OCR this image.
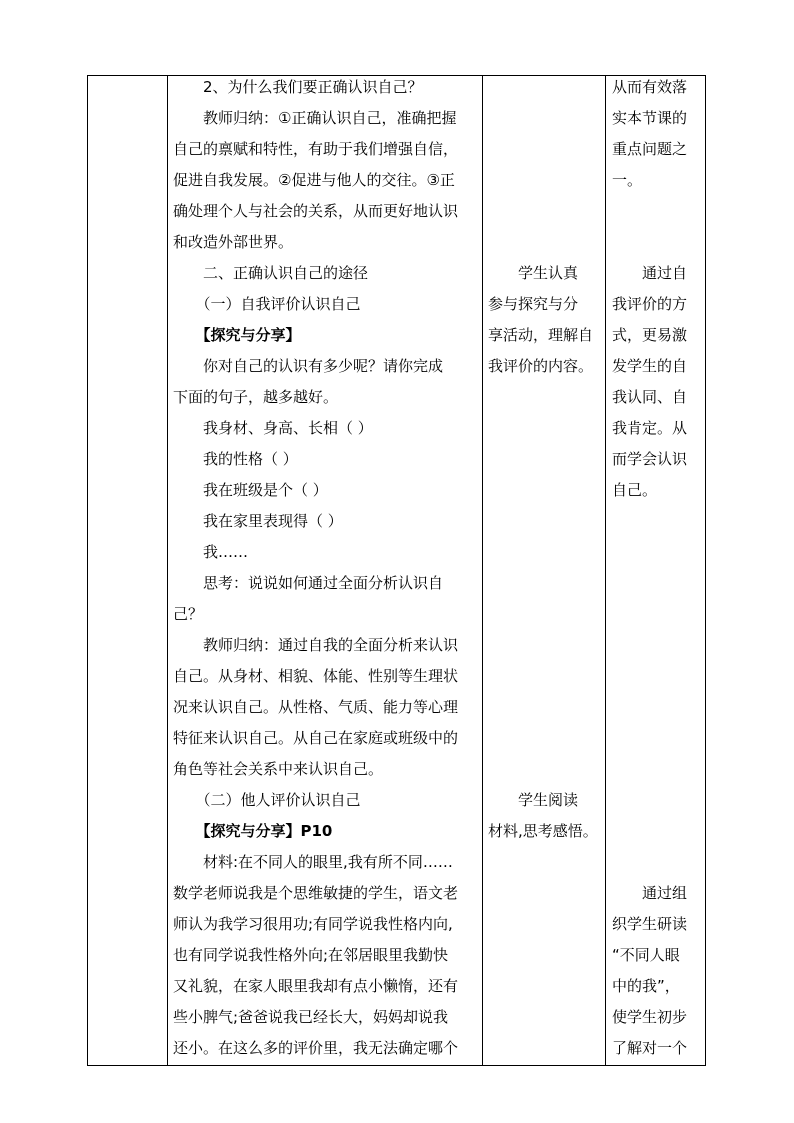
　　2、为什么我们要正确认识自己？
　　教师归纳：①正确认识自己，准确把握
自己的禀赋和特性，有助于我们增强自信，
促进自我发展。②促进与他人的交往。③正
确处理个人与社会的关系，从而更好地认识
和改造外部世界。
　　二、正确认识自己的途径
　　（一）自我评价认识自己
　　【探究与分享】
　　你对自己的认识有多少呢？请你完成
下面的句子，越多越好。
　　我身材、身高、长相（ ）
　　我的性格（ ）
　　我在班级是个（ ）
　　我在家里表现得（ ）
　　我……
　　思考：说说如何通过全面分析认识自
己？
　　教师归纳：通过自我的全面分析来认识
自己。从身材、相貌、体能、性别等生理状
况来认识自己。从性格、气质、能力等心理
特征来认识自己。从自己在家庭或班级中的
角色等社会关系中来认识自己。
　　（二）他人评价认识自己
　　【探究与分享】P10
　　材料:在不同人的眼里,我有所不同……
数学老师说我是个思维敏捷的学生，语文老
师认为我学习很用功;有同学说我性格内向,
也有同学说我性格外向;在邻居眼里我勤快
又礼貌，在家人眼里我却有点小懒惰，还有
些小脾气;爸爸说我已经长大，妈妈却说我
还小。在这么多的评价里，我无法确定哪个
　　学生认真
参与探究与分
享活动，理解自
我评价的内容。
　　学生阅读
材料,思考感悟。
从而有效落
实本节课的
重点问题之
一。
　　通过自
我评价的方
式，更易激
发学生的自
我认同、自
我肯定。从
而学会认识
自己。
　　通过组
织学生研读
“不同人眼
中的我”，
使学生初步
了解对一个
